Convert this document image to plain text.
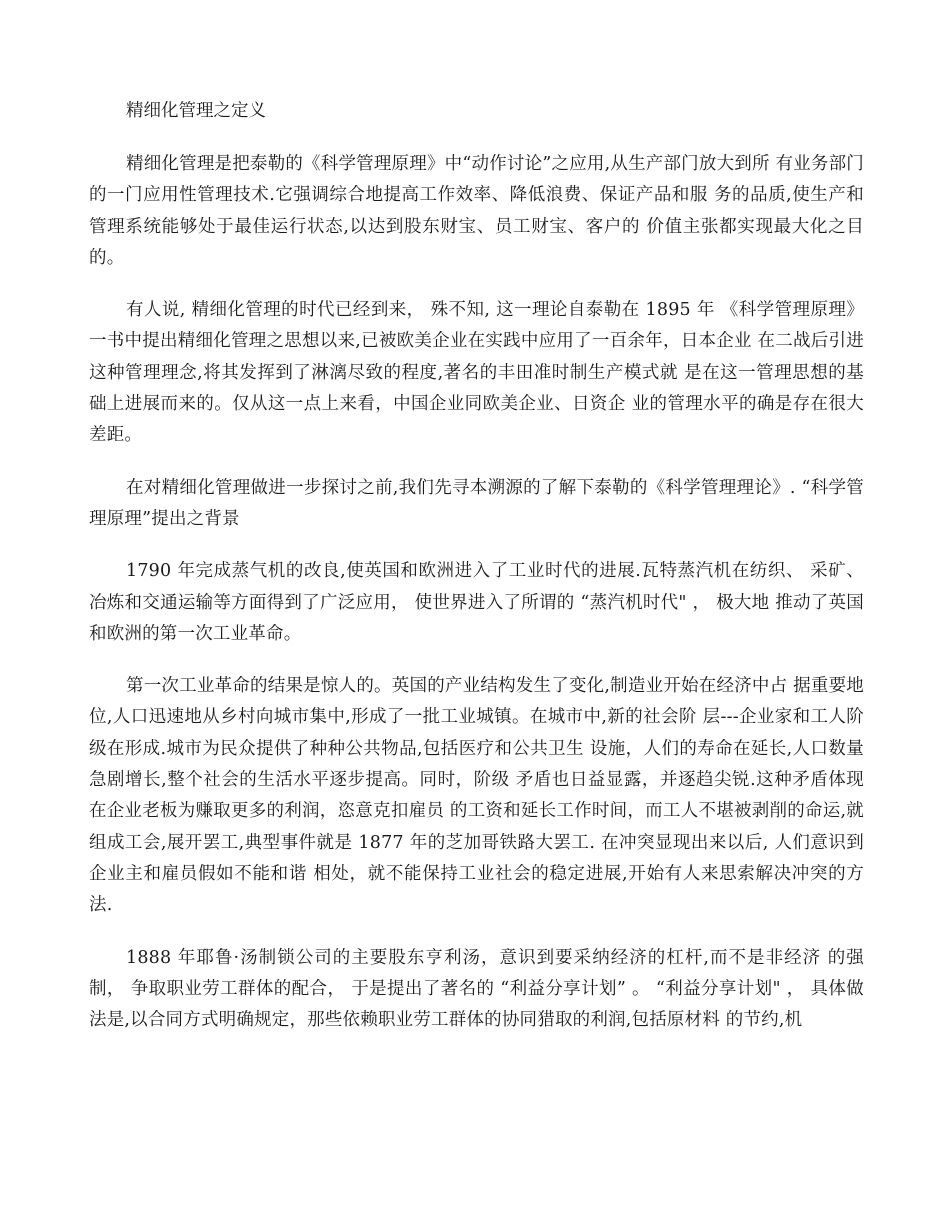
精细化管理之定义

精细化管理是把泰勒的《科学管理原理》中“动作讨论”之应用,从生产部门放大到所 有业务部门的一门应用性管理技术.它强调综合地提高工作效率、降低浪费、保证产品和服 务的品质,使生产和管理系统能够处于最佳运行状态,以达到股东财宝、员工财宝、客户的 价值主张都实现最大化之目的。

有人说, 精细化管理的时代已经到来， 殊不知, 这一理论自泰勒在 1895 年 《科学管理原理》一书中提出精细化管理之思想以来,已被欧美企业在实践中应用了一百余年，日本企业 在二战后引进这种管理理念,将其发挥到了淋漓尽致的程度,著名的丰田准时制生产模式就 是在这一管理思想的基础上进展而来的。仅从这一点上来看，中国企业同欧美企业、日资企 业的管理水平的确是存在很大差距。

在对精细化管理做进一步探讨之前,我们先寻本溯源的了解下泰勒的《科学管理理论》. “科学管理原理”提出之背景

1790 年完成蒸气机的改良,使英国和欧洲进入了工业时代的进展.瓦特蒸汽机在纺织、 采矿、冶炼和交通运输等方面得到了广泛应用， 使世界进入了所谓的 “蒸汽机时代" ， 极大地 推动了英国和欧洲的第一次工业革命。

第一次工业革命的结果是惊人的。英国的产业结构发生了变化,制造业开始在经济中占 据重要地位,人口迅速地从乡村向城市集中,形成了一批工业城镇。在城市中,新的社会阶 层---企业家和工人阶级在形成.城市为民众提供了种种公共物品,包括医疗和公共卫生 设施，人们的寿命在延长,人口数量急剧增长,整个社会的生活水平逐步提高。同时，阶级 矛盾也日益显露，并逐趋尖锐.这种矛盾体现在企业老板为赚取更多的利润，恣意克扣雇员 的工资和延长工作时间，而工人不堪被剥削的命运,就组成工会,展开罢工,典型事件就是 1877 年的芝加哥铁路大罢工. 在冲突显现出来以后, 人们意识到企业主和雇员假如不能和谐 相处，就不能保持工业社会的稳定进展,开始有人来思索解决冲突的方法.

1888 年耶鲁·汤制锁公司的主要股东亨利汤，意识到要采纳经济的杠杆,而不是非经济 的强制， 争取职业劳工群体的配合， 于是提出了著名的 “利益分享计划” 。 “利益分享计划" ， 具体做法是,以合同方式明确规定，那些依赖职业劳工群体的协同猎取的利润,包括原材料 的节约,机
